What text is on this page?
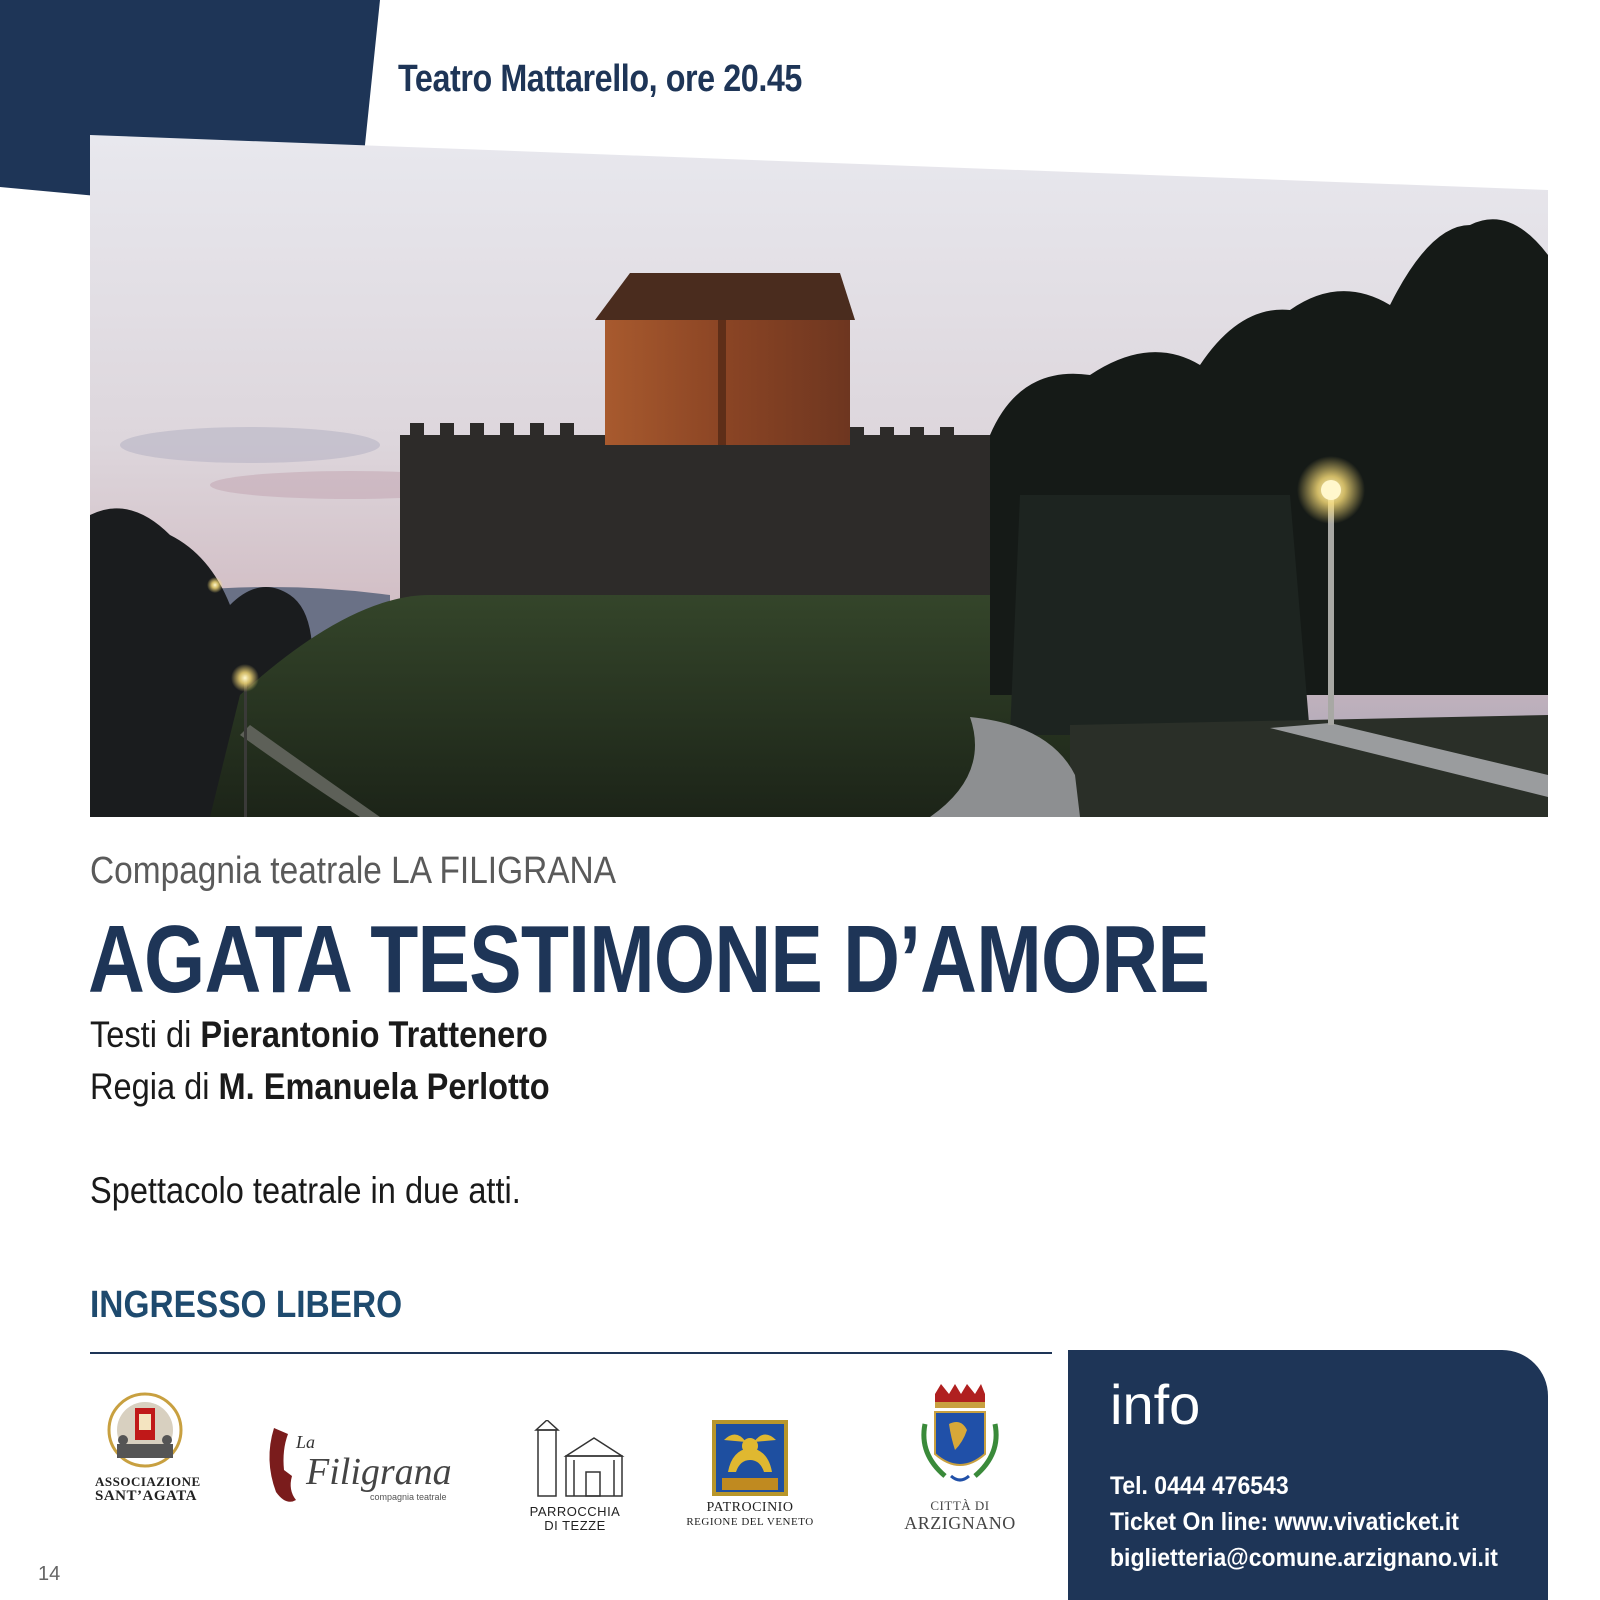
Sabato 9
aprile
Teatro Mattarello, ore 20.45
Compagnia teatrale LA FILIGRANA
AGATA TESTIMONE D’AMORE
Testi di Pierantonio Trattenero
Regia di M. Emanuela Perlotto
Spettacolo teatrale in due atti.
INGRESSO LIBERO
ASSOCIAZIONE
SANT’AGATA
La
Filigrana
compagnia teatrale
PARROCCHIA
DI TEZZE
PATROCINIO
REGIONE DEL VENETO
CITTÀ DI
ARZIGNANO
info
Tel. 0444 476543
Ticket On line: www.vivaticket.it
biglietteria@comune.arzignano.vi.it
14
